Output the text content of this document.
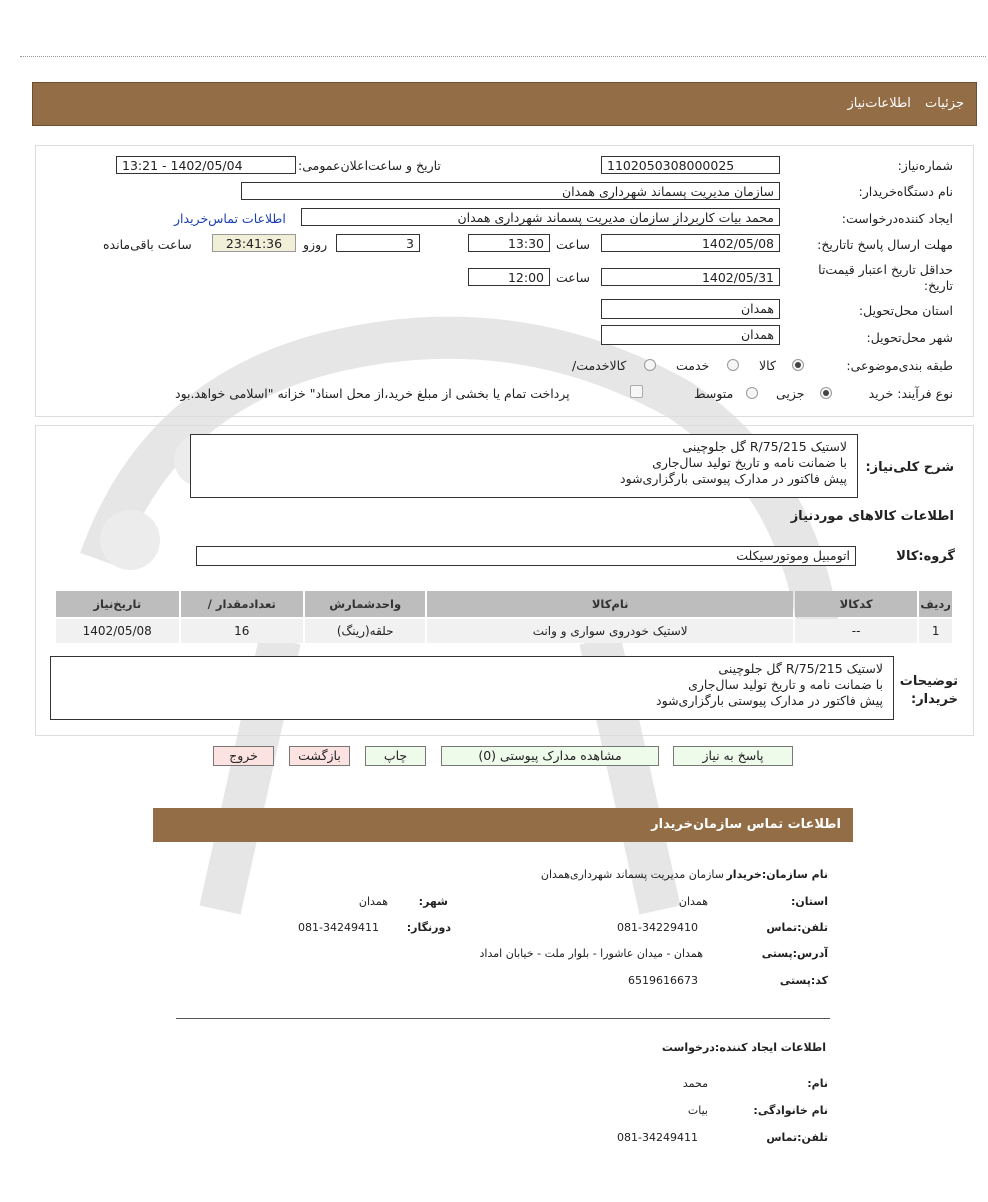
جزئیات اطلاعات‌نیاز
شماره‌نیاز:
1102050308000025
تاریخ و ساعت‌اعلان‌عمومی:
1402/05/04 - 13:21
نام دستگاه‌خریدار:
سازمان مدیریت پسماند شهرداری همدان
ایجاد کننده‌درخواست:
محمد بیات کاربرداز سازمان مدیریت پسماند شهرداری همدان
اطلاعات تماس‌خریدار
مهلت ارسال پاسخ تا‌تاریخ:
1402/05/08
ساعت
13:30
3
روزو
23:41:36
ساعت باقی‌مانده
حداقل تاریخ اعتبار قیمت‌تا تاریخ:
1402/05/31
ساعت
12:00
استان محل‌تحویل:
همدان
شهر محل‌تحویل:
همدان
طبقه بندی‌موضوعی:
کالا
خدمت
کالا‌خدمت/
نوع فرآیند: خرید
جزیی
متوسط
پرداخت تمام یا بخشی از مبلغ خرید،از محل اسناد" خزانه "اسلامی خواهد.بود
شرح کلی‌نیاز:
لاستیک R/75/215 گل جلوچینی
با ضمانت نامه و تاریخ تولید سال‌جاری
پیش فاکتور در مدارک پیوستی بارگزاری‌شود
اطلاعات کالاهای موردنیاز
گروه:کالا
اتومبیل وموتورسیکلت
ردیف	کدکالا	نام‌کالا	واحدشمارش	تعدادمقدار /	تاریخ‌نیاز
1	--	لاستیک خودروی سواری و وانت	حلقه(رینگ)	16	1402/05/08
توضیحات خریدار:
لاستیک R/75/215 گل جلوچینی
با ضمانت نامه و تاریخ تولید سال‌جاری
پیش فاکتور در مدارک پیوستی بارگزاری‌شود
پاسخ به نیاز
مشاهده مدارک پیوستی (0)
چاپ
بازگشت
خروج
اطلاعات تماس سازمان‌خریدار
نام سازمان:خریدار
سازمان مدیریت پسماند شهرداری‌همدان
استان:
همدان
شهر:
همدان
تلفن:تماس
081-34229410
دورنگار:
081-34249411
آدرس:پستی
همدان - میدان عاشورا - بلوار ملت - خیابان امداد
کد:پستی
6519616673
اطلاعات ایجاد کننده:درخواست
نام:
محمد
نام خانوادگی:
بیات
تلفن:تماس
081-34249411
